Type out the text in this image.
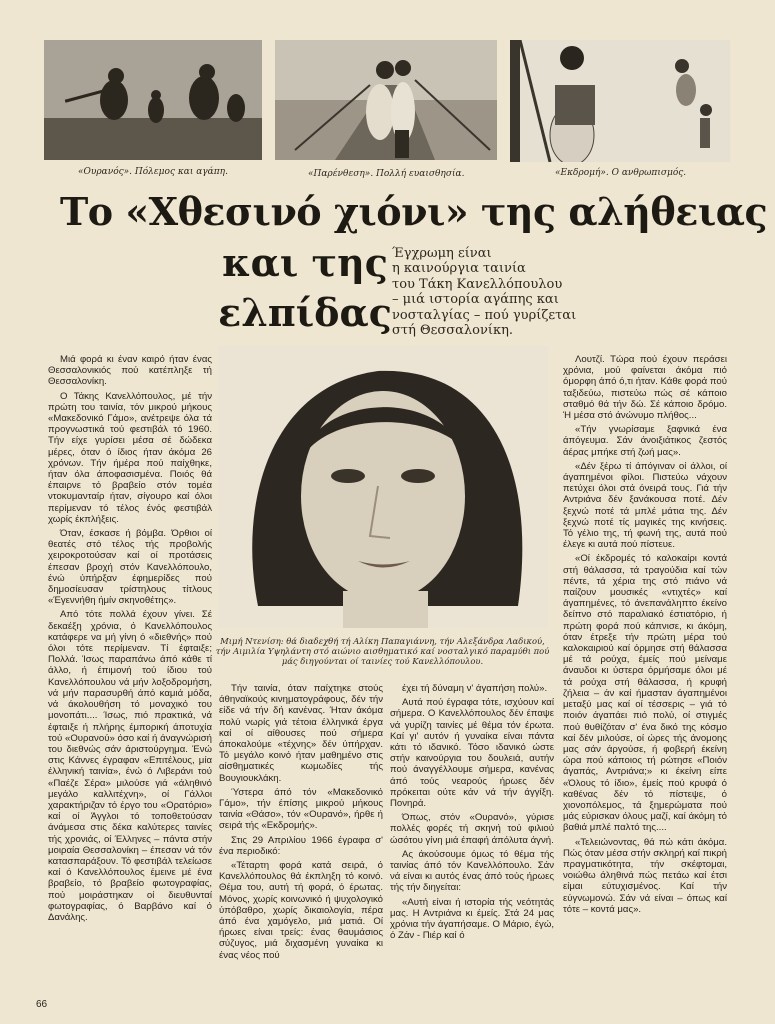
«Ουρανός». Πόλεμος και αγάπη.	«Παρένθεση». Πολλή ευαισθησία.	«Εκδρομή». Ο ανθρωπισμός.
Το «Χθεσινό χιόνι» της αλήθειας
και της
ελπίδας
Έγχρωμη είναι
η καινούργια ταινία
του Τάκη Κανελλόπουλου
– μιά ιστορία αγάπης και
νοσταλγίας – πού γυρίζεται
στή Θεσσαλονίκη.
Μιμή Ντενίση: θά διαδεχθή τή Αλίκη Παπαγιάννη, τήν Αλεξάνδρα Λαδικού, τήν Αιμιλία Υψηλάντη στό αιώνιο αισθηματικό καί νοσταλγικό παραμύθι πού μάς διηγούνται οί ταινίες τού Κανελλόπουλου.

Μιά φορά κι έναν καιρό ήταν ένας Θεσσαλονικιός πού κατέπληξε τή Θεσσαλονίκη.

Ο Τάκης Κανελλόπουλος, μέ τήν πρώτη του ταινία, τόν μικρού μήκους «Μακεδονικό Γάμο», ανέτρεψε όλα τά προγνωστικά τού φεστιβάλ τό 1960. Τήν είχε γυρίσει μέσα σέ δώδεκα μέρες, όταν ό ίδιος ήταν άκόμα 26 χρόνων. Τήν ήμέρα πού παίχθηκε, ήταν όλα άποφασισμένα. Ποιός θά έπαιρνε τό βραβείο στόν τομέα ντοκυμανταίρ ήταν, σίγουρο καί όλοι περίμεναν τό τέλος ένός φεστιβάλ χωρίς έκπλήξεις.

Όταν, έσκασε ή βόμβα. Όρθιοι οί θεατές στό τέλος τής προβολής χειροκροτούσαν καί οί προτάσεις έπεσαν βροχή στόν Κανελλόπουλο, ένώ ύπήρξαν έφημερίδες πού δημοσίευσαν τρίστηλους τίτλους «Έγεννήθη ήμίν σκηνοθέτης».

Από τότε πολλά έχουν γίνει. Σέ δεκαέξη χρόνια, ό Κανελλόπουλος κατάφερε να μή γίνη ό «διεθνής» πού όλοι τότε περίμεναν. Τί έφταιξε; Πολλά. Ίσως παραπάνω άπό κάθε τί άλλο, ή έπιμονή τού ίδιου τού Κανελλόπουλου νά μήν λοξοδρομήση, νά μήν παρασυρθή άπό καμιά μόδα, νά άκολουθήση τό μοναχικό του μονοπάτι.... Ίσως, πιό πρακτικά, νά έφταιξε ή πλήρης έμπορική άποτυχία τού «Ουρανού» όσο καί ή άναγνώρισή του διεθνώς σάν άριστούργημα. Ένώ στις Κάννες έγραφαν «Επιτέλους, μία έλληνική ταινία», ένώ ό Λιβεράνι τού «Παέζε Σέρα» μιλούσε γιά «άληθινό μεγάλο καλλιτέχνη», οί Γάλλοι χαρακτήριζαν τό έργο του «Ορατόριο» καί οί Άγγλοι τό τοποθετούσαν άνάμεσα στις δέκα καλύτερες ταινίες τής χρονιάς, οί Έλληνες – πάντα στήν μοιραία Θεσσαλονίκη – έπεσαν νά τόν κατασπαράξουν. Τό φεστιβάλ τελείωσε καί ό Κανελλόπουλος έμεινε μέ ένα βραβείο, τό βραβείο φωτογραφίας, πού μοιράστηκαν οί διευθυνταί φωτογραφίας, ό Βαρβάνο καί ό Δανάλης.

Τήν ταινία, όταν παίχτηκε στούς άθηναϊκούς κινηματογράφους, δέν τήν είδε νά τήν δή κανένας. Ήταν άκόμα πολύ νωρίς γιά τέτοια έλληνικά έργα καί οί αίθουσες πού σήμερα άποκαλούμε «τέχνης» δέν ύπήρχαν. Τό μεγάλο κοινό ήταν μαθημένο στις αίσθηματικές κωμωδίες τής Βουγιουκλάκη.

Ύστερα άπό τόν «Μακεδονικό Γάμο», τήν έπίσης μικρού μήκους ταινία «Θάσο», τόν «Ουρανό», ήρθε ή σειρά τής «Εκδρομής».

Στις 29 Απριλίου 1966 έγραφα σ' ένα περιοδικό:

«Τέταρτη φορά κατά σειρά, ό Κανελλόπουλος θά έκπληξη τό κοινό. Θέμα του, αυτή τή φορά, ό έρωτας. Μόνος, χωρίς κοινωνικό ή ψυχολογικό ύπόβαθρο, χωρίς δικαιολογία, πέρα άπό ένα χαμόγελο, μιά ματιά. Οί ήρωες είναι τρείς: ένας θαυμάσιος σύζυγος, μιά διχασμένη γυναίκα κι ένας νέος πού

έχει τή δύναμη ν' άγαπήση πολύ».

Αυτά πού έγραφα τότε, ισχύουν καί σήμερα. Ο Κανελλόπουλος δέν έπαψε νά γυρίζη ταινίες μέ θέμα τόν έρωτα. Καί γι' αυτόν ή γυναίκα είναι πάντα κάτι τό ιδανικό. Τόσο ιδανικό ώστε στήν καινούργια του δουλειά, αυτήν πού άναγγέλλουμε σήμερα, κανένας άπό τούς νεαρούς ήρωες δέν πρόκειται ούτε κάν νά τήν άγγίξη. Πονηρά.

Όπως, στόν «Ουρανό», γύρισε πολλές φορές τή σκηνή τού φιλιού ώσότου γίνη μιά έπαφή άπόλυτα άγνή.

Ας άκούσουμε όμως τό θέμα τής ταινίας άπό τόν Κανελλόπουλο. Σάν νά είναι κι αυτός ένας άπό τούς ήρωες τής τήν διηγείται:

«Αυτή είναι ή ιστορία τής νεότητάς μας. Η Αντριάνα κι έμείς. Στά 24 μας χρόνια τήν άγαπήσαμε. Ο Μάριο, έγώ, ό Ζάν - Πιέρ καί ό

Λουτζί. Τώρα πού έχουν περάσει χρόνια, μού φαίνεται άκόμα πιό όμορφη άπό ό,τι ήταν. Κάθε φορά πού ταξιδεύω, πιστεύω πώς σέ κάποιο σταθμό θά τήν δώ. Σέ κάποιο δρόμο. Ή μέσα στό άνώνυμο πλήθος...

«Τήν γνωρίσαμε ξαφνικά ένα άπόγευμα. Σάν άνοιξιάτικος ζεστός άέρας μπήκε στή ζωή μας».

«Δέν ξέρω τί άπόγιναν οί άλλοι, οί άγαπημένοι φίλοι. Πιστεύω νάχουν πετύχει όλοι στά όνειρά τους. Γιά τήν Αντριάνα δέν ξανάκουσα ποτέ. Δέν ξεχνώ ποτέ τά μπλέ μάτια της. Δέν ξεχνώ ποτέ τίς μαγικές της κινήσεις. Τό γέλιο της, τή φωνή της, αυτά πού έλεγε κι αυτά πού πίστευε.

«Οί έκδρομές τό καλοκαίρι κοντά στή θάλασσα, τά τραγούδια καί τών πέντε, τά χέρια της στό πιάνο νά παίζουν μουσικές «ντιχτές» καί άγαπημένες, τό άνεπανάληπτο έκείνο δείπνο στό παραλιακό έστιατόριο, ή πρώτη φορά πού κάπνισε, κι άκόμη, όταν έτρεξε τήν πρώτη μέρα τού καλοκαιριού καί όρμησε στή θάλασσα μέ τά ρούχα, έμείς πού μείναμε άναυδοι κι ύστερα όρμήσαμε όλοι μέ τά ρούχα στή θάλασσα, ή κρυφή ζήλεια – άν καί ήμασταν άγαπημένοι μεταξύ μας καί οί τέσσερις – γιά τό ποιόν άγαπάει πιό πολύ, οί στιγμές πού θυθίζόταν σ' ένα δικό της κόσμο καί δέν μιλούσε, οί ώρες τής άνομοης μας σάν άργούσε, ή φοβερή έκείνη ώρα πού κάποιος τή ρώτησε «Ποιόν άγαπάς, Αντριάνα;» κι έκείνη είπε «Όλους τό ίδιο», έμείς πού κρυφά ό καθένας δέν τό πίστεψε, ό χιονοπόλεμος, τά ξημερώματα πού μάς εύρισκαν όλους μαζί, καί άκόμη τό βαθιά μπλέ παλτό της....

«Τελειώνοντας, θά πώ κάτι άκόμα. Πώς όταν μέσα στήν σκληρή καί πικρή πραγματικότητα, τήν σκέφτομαι, νοιώθω άληθινά πώς πετάω καί έτσι είμαι εύτυχισμένος. Καί τήν εύγνωμονώ. Σάν νά είναι – όπως καί τότε – κοντά μας».

66
